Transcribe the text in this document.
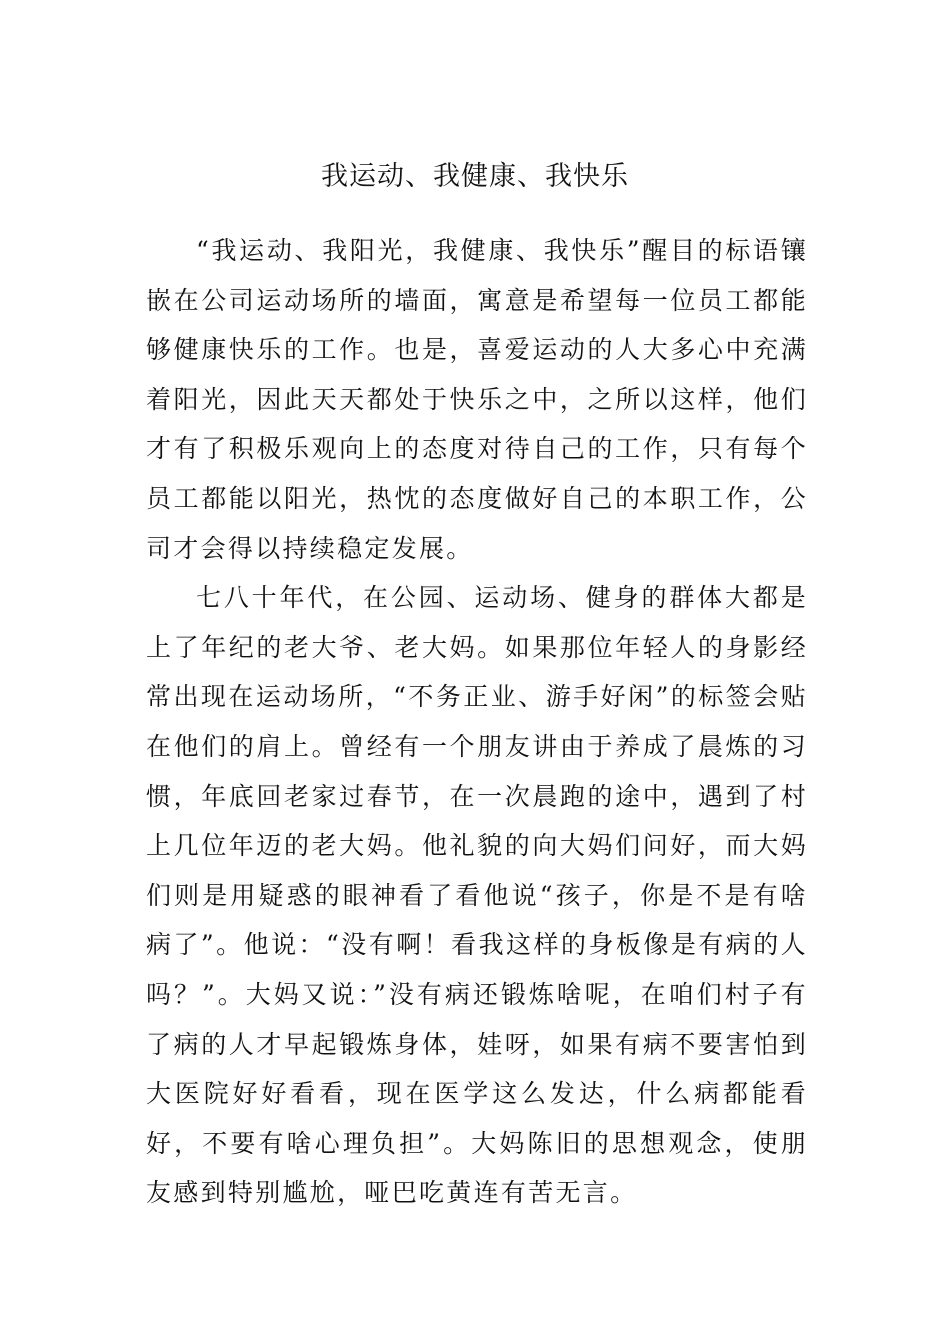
我运动、我健康、我快乐

“我运动、我阳光，我健康、我快乐”醒目的标语镶嵌在公司运动场所的墙面，寓意是希望每一位员工都能够健康快乐的工作。也是，喜爱运动的人大多心中充满着阳光，因此天天都处于快乐之中，之所以这样，他们才有了积极乐观向上的态度对待自己的工作，只有每个员工都能以阳光，热忱的态度做好自己的本职工作，公司才会得以持续稳定发展。

七八十年代，在公园、运动场、健身的群体大都是上了年纪的老大爷、老大妈。如果那位年轻人的身影经常出现在运动场所，“不务正业、游手好闲”的标签会贴在他们的肩上。曾经有一个朋友讲由于养成了晨炼的习惯，年底回老家过春节，在一次晨跑的途中，遇到了村上几位年迈的老大妈。他礼貌的向大妈们问好，而大妈们则是用疑惑的眼神看了看他说“孩子，你是不是有啥病了”。他说：“没有啊！看我这样的身板像是有病的人吗？”。大妈又说：”没有病还锻炼啥呢，在咱们村子有了病的人才早起锻炼身体，娃呀，如果有病不要害怕到大医院好好看看，现在医学这么发达，什么病都能看好，不要有啥心理负担”。大妈陈旧的思想观念，使朋友感到特别尴尬，哑巴吃黄连有苦无言。
